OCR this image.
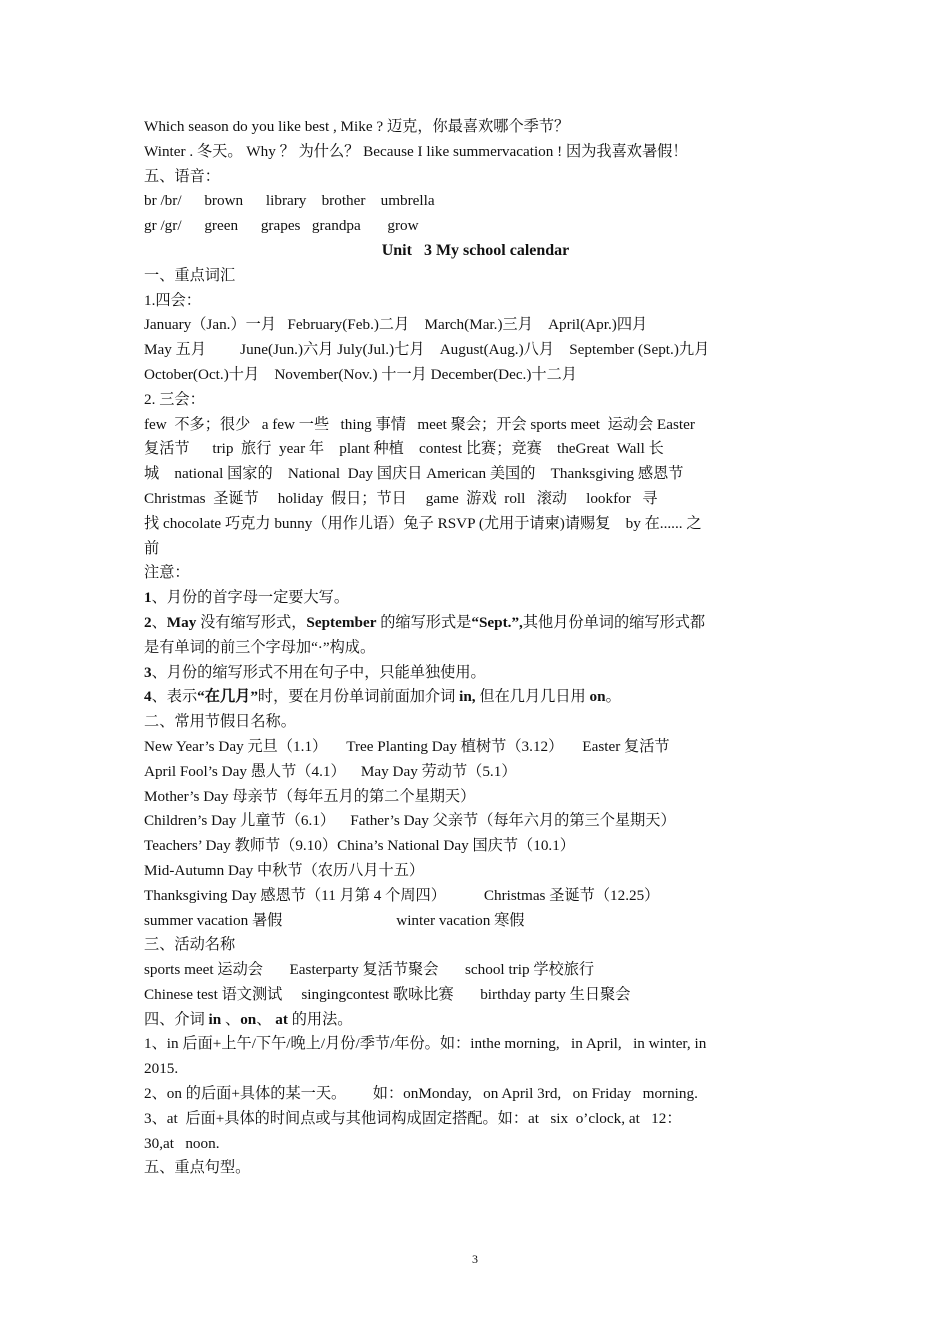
Which season do you like best , Mike ? 迈克，你最喜欢哪个季节？
Winter . 冬天。 Why ？ 为什么？ Because I like summervacation ! 因为我喜欢暑假！
五、语音：
br /br/      brown      library    brother    umbrella
gr /gr/      green      grapes   grandpa       grow
Unit   3 My school calendar
一、重点词汇
1.四会：
January（Jan.）一月   February(Feb.)二月    March(Mar.)三月    April(Apr.)四月
May 五月         June(Jun.)六月 July(Jul.)七月    August(Aug.)八月    September (Sept.)九月
October(Oct.)十月    November(Nov.) 十一月 December(Dec.)十二月
2. 三会：
few  不多；很少   a few 一些   thing 事情   meet 聚会；开会 sports meet  运动会 Easter
复活节      trip  旅行  year 年    plant 种植    contest 比赛；竞赛    theGreat  Wall 长
城    national 国家的    National  Day 国庆日 American 美国的    Thanksgiving 感恩节
Christmas  圣诞节     holiday  假日；节日     game  游戏  roll   滚动     lookfor   寻
找 chocolate 巧克力 bunny（用作儿语）兔子 RSVP (尤用于请柬)请赐复    by 在...... 之
前
注意：
1、月份的首字母一定要大写。
2、May 没有缩写形式，September 的缩写形式是“Sept.”,其他月份单词的缩写形式都
是有单词的前三个字母加“·”构成。
3、月份的缩写形式不用在句子中，只能单独使用。
4、表示“在几月”时，要在月份单词前面加介词 in, 但在几月几日用 on。
二、常用节假日名称。
New Year’s Day 元旦（1.1）     Tree Planting Day 植树节（3.12）     Easter 复活节
April Fool’s Day 愚人节（4.1）    May Day 劳动节（5.1）
Mother’s Day 母亲节（每年五月的第二个星期天）
Children’s Day 儿童节（6.1）    Father’s Day 父亲节（每年六月的第三个星期天）
Teachers’ Day 教师节（9.10）China’s National Day 国庆节（10.1）
Mid-Autumn Day 中秋节（农历八月十五）
Thanksgiving Day 感恩节（11 月第 4 个周四）          Christmas 圣诞节（12.25）
summer vacation 暑假                              winter vacation 寒假
三、活动名称
sports meet 运动会       Easterparty 复活节聚会       school trip 学校旅行
Chinese test 语文测试     singingcontest 歌咏比赛       birthday party 生日聚会
四、介词 in 、on、 at 的用法。
1、in 后面+上午/下午/晚上/月份/季节/年份。如：inthe morning,   in April,   in winter, in
2015.
2、on 的后面+具体的某一天。       如：onMonday,   on April 3rd,   on Friday   morning.
3、at  后面+具体的时间点或与其他词构成固定搭配。如：at   six  o’clock, at   12：
30,at   noon.
五、重点句型。
3
